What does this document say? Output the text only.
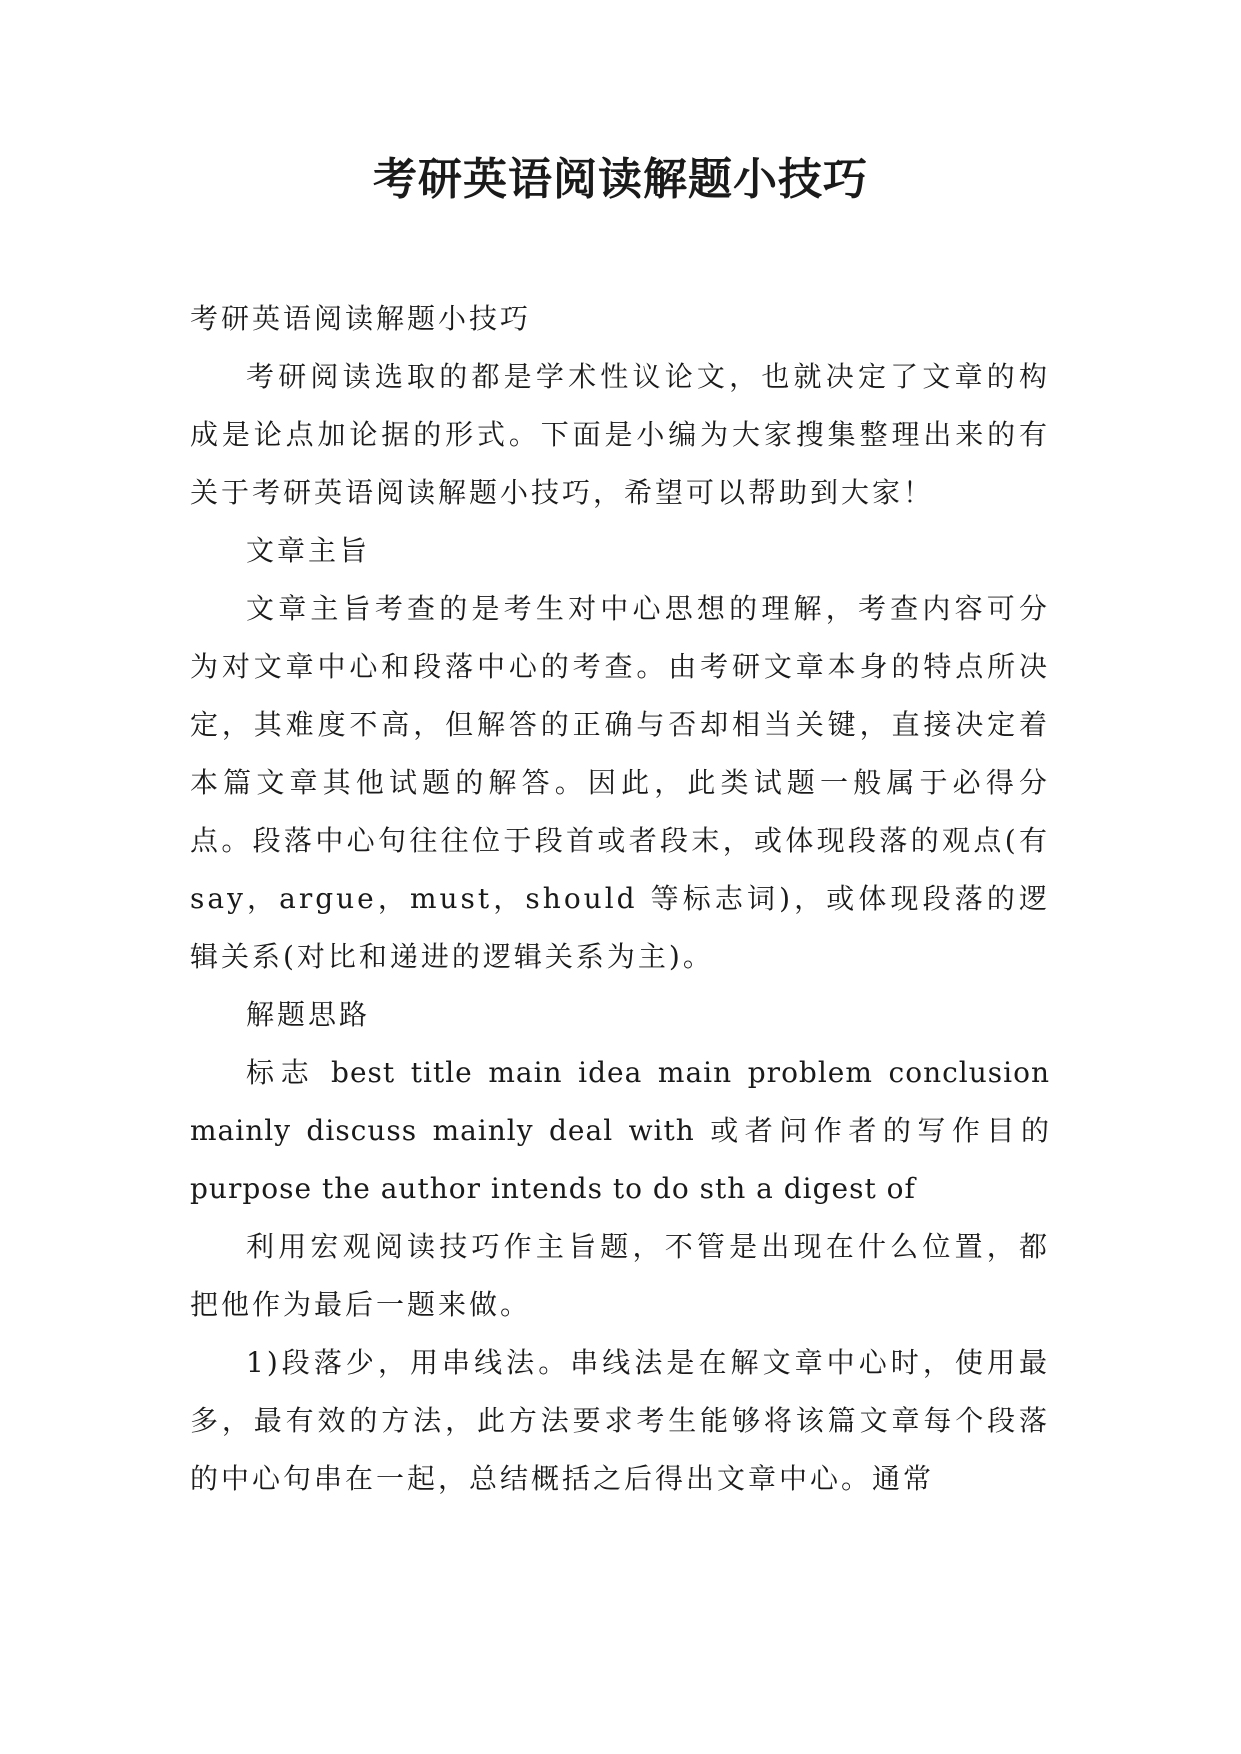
考研英语阅读解题小技巧

考研英语阅读解题小技巧

考研阅读选取的都是学术性议论文，也就决定了文章的构成是论点加论据的形式。下面是小编为大家搜集整理出来的有关于考研英语阅读解题小技巧，希望可以帮助到大家！

文章主旨

文章主旨考查的是考生对中心思想的理解，考查内容可分为对文章中心和段落中心的考查。由考研文章本身的特点所决定，其难度不高，但解答的正确与否却相当关键，直接决定着本篇文章其他试题的解答。因此，此类试题一般属于必得分点。段落中心句往往位于段首或者段末，或体现段落的观点(有 say，argue，must，should 等标志词)，或体现段落的逻辑关系(对比和递进的逻辑关系为主)。

解题思路

标志 best title main idea main problem conclusion mainly discuss mainly deal with 或者问作者的写作目的 purpose the author intends to do sth a digest of

利用宏观阅读技巧作主旨题，不管是出现在什么位置，都把他作为最后一题来做。

1)段落少，用串线法。串线法是在解文章中心时，使用最多，最有效的方法，此方法要求考生能够将该篇文章每个段落的中心句串在一起，总结概括之后得出文章中心。通常
